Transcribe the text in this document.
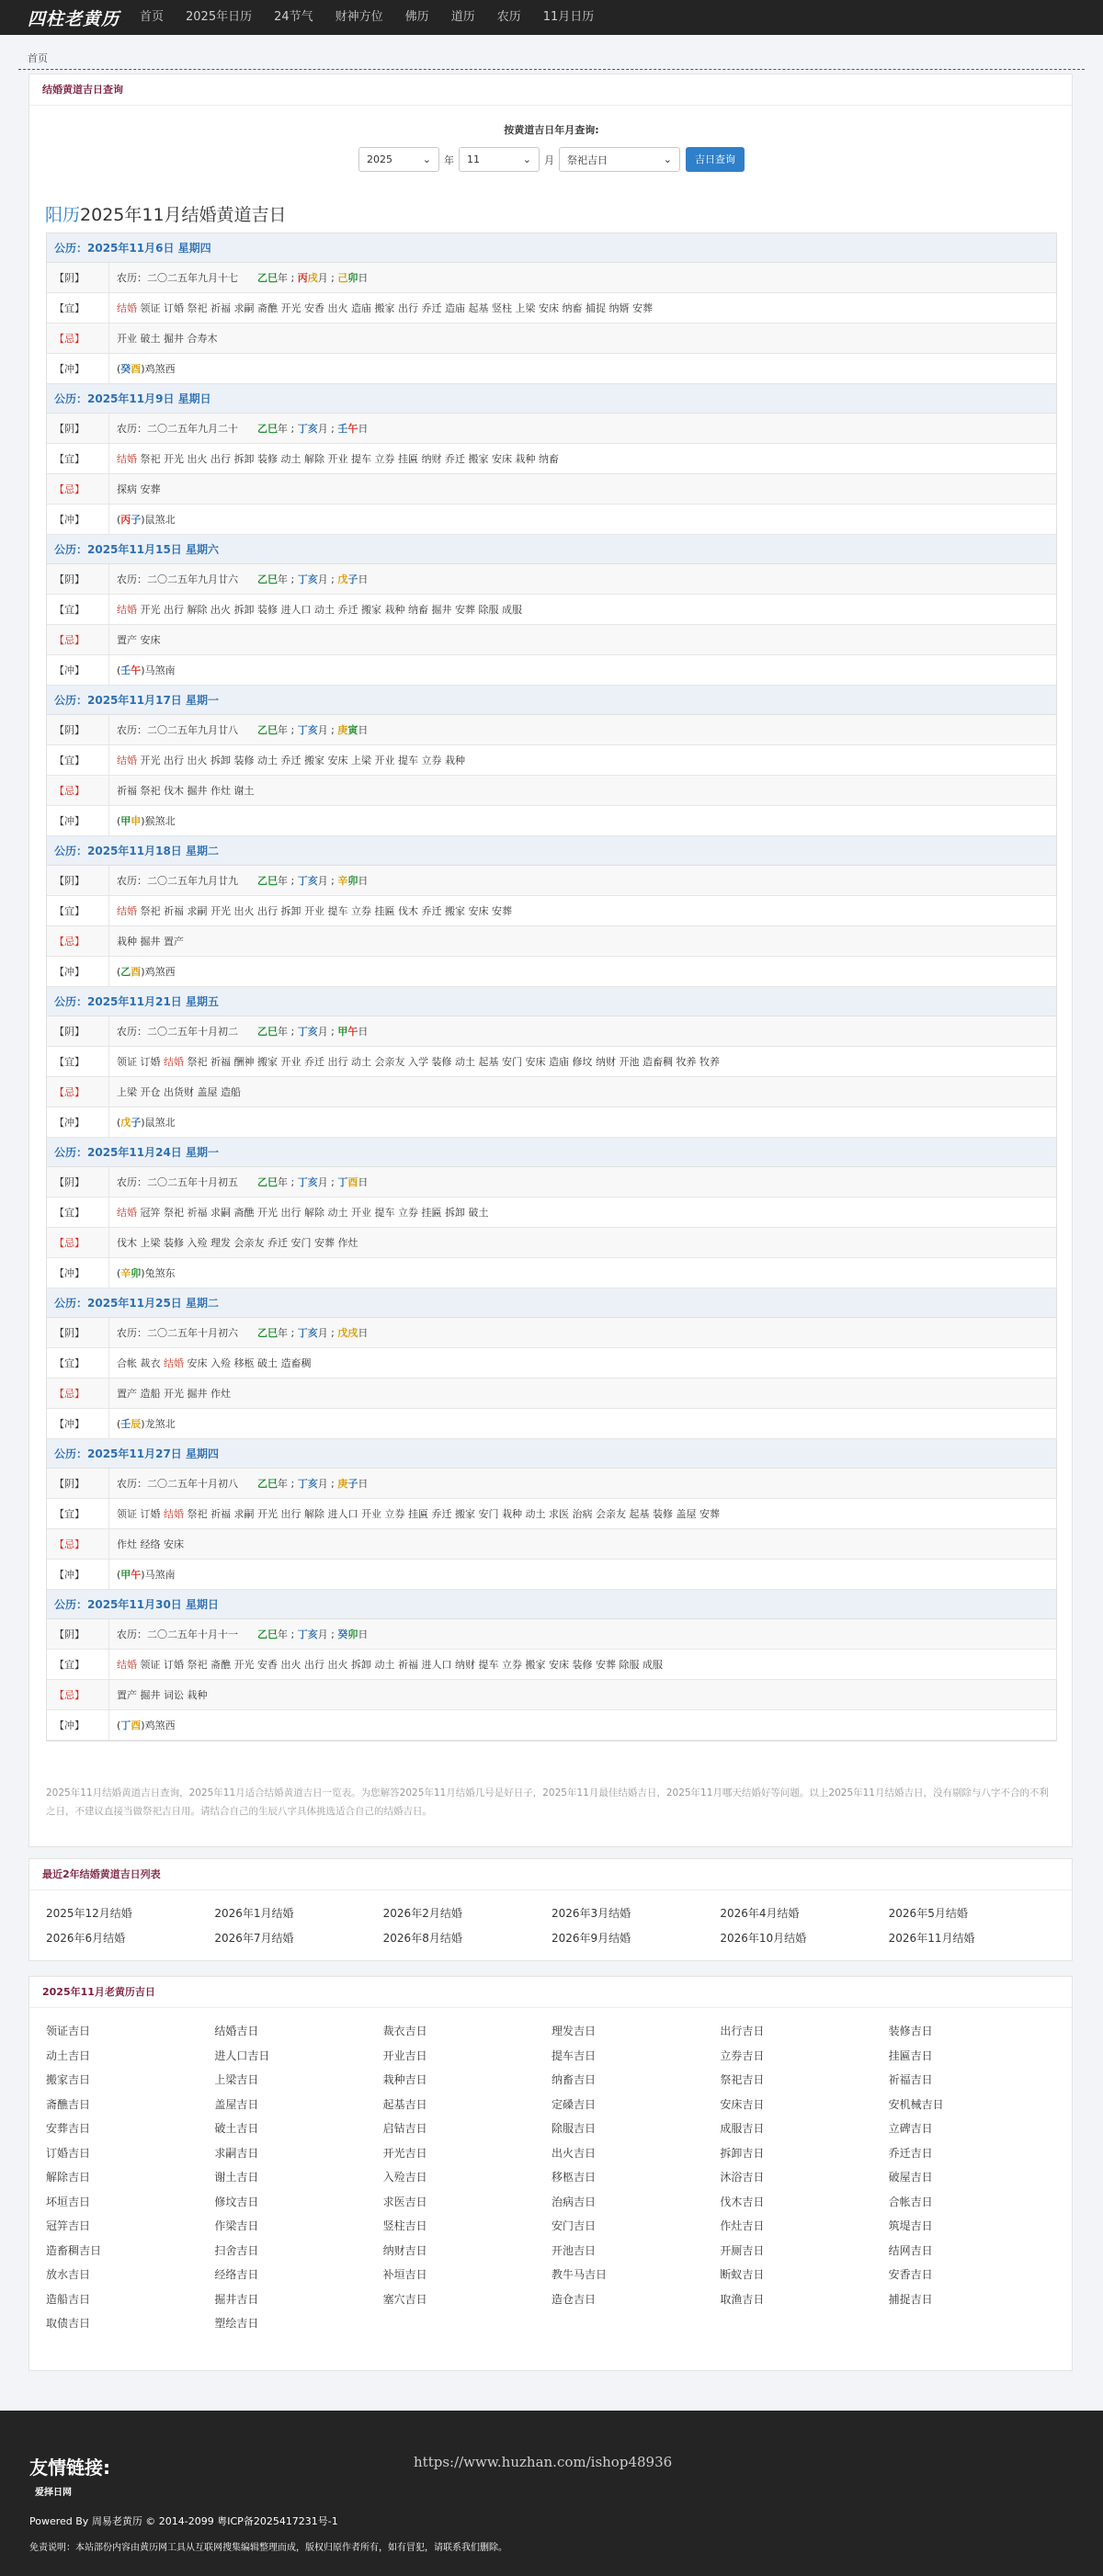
四柱老黄历	首页	2025年日历	24节气	财神方位	佛历	道历	农历	11月日历
首页
结婚黄道吉日查询
按黄道吉日年月查询:
2025	⌄ 年 11	⌄ 月 祭祀吉日	⌄	吉日查询
阳历2025年11月结婚黄道吉日
公历：2025年11月6日 星期四
【阴】	农历：二〇二五年九月十七 乙巳年 ; 丙戌月 ; 己卯日
【宜】	结婚 领证 订婚 祭祀 祈福 求嗣 斋醮 开光 安香 出火 造庙 搬家 出行 乔迁 造庙 起基 竖柱 上梁 安床 纳畜 捕捉 纳婿 安葬
【忌】	开业 破土 掘井 合寿木
【冲】	(癸酉)鸡煞西
公历：2025年11月9日 星期日
【阴】	农历：二〇二五年九月二十 乙巳年 ; 丁亥月 ; 壬午日
【宜】	结婚 祭祀 开光 出火 出行 拆卸 装修 动土 解除 开业 提车 立券 挂匾 纳财 乔迁 搬家 安床 栽种 纳畜
【忌】	探病 安葬
【冲】	(丙子)鼠煞北
公历：2025年11月15日 星期六
【阴】	农历：二〇二五年九月廿六 乙巳年 ; 丁亥月 ; 戊子日
【宜】	结婚 开光 出行 解除 出火 拆卸 装修 进人口 动土 乔迁 搬家 栽种 纳畜 掘井 安葬 除服 成服
【忌】	置产 安床
【冲】	(壬午)马煞南
公历：2025年11月17日 星期一
【阴】	农历：二〇二五年九月廿八 乙巳年 ; 丁亥月 ; 庚寅日
【宜】	结婚 开光 出行 出火 拆卸 装修 动土 乔迁 搬家 安床 上梁 开业 提车 立券 栽种
【忌】	祈福 祭祀 伐木 掘井 作灶 谢土
【冲】	(甲申)猴煞北
公历：2025年11月18日 星期二
【阴】	农历：二〇二五年九月廿九 乙巳年 ; 丁亥月 ; 辛卯日
【宜】	结婚 祭祀 祈福 求嗣 开光 出火 出行 拆卸 开业 提车 立券 挂匾 伐木 乔迁 搬家 安床 安葬
【忌】	栽种 掘井 置产
【冲】	(乙酉)鸡煞西
公历：2025年11月21日 星期五
【阴】	农历：二〇二五年十月初二 乙巳年 ; 丁亥月 ; 甲午日
【宜】	领证 订婚 结婚 祭祀 祈福 酬神 搬家 开业 乔迁 出行 动土 会亲友 入学 装修 动土 起基 安门 安床 造庙 修坟 纳财 开池 造畜稠 牧养 牧养
【忌】	上梁 开仓 出货财 盖屋 造船
【冲】	(戊子)鼠煞北
公历：2025年11月24日 星期一
【阴】	农历：二〇二五年十月初五 乙巳年 ; 丁亥月 ; 丁酉日
【宜】	结婚 冠笄 祭祀 祈福 求嗣 斋醮 开光 出行 解除 动土 开业 提车 立券 挂匾 拆卸 破土
【忌】	伐木 上梁 装修 入殓 理发 会亲友 乔迁 安门 安葬 作灶
【冲】	(辛卯)兔煞东
公历：2025年11月25日 星期二
【阴】	农历：二〇二五年十月初六 乙巳年 ; 丁亥月 ; 戊戌日
【宜】	合帐 裁衣 结婚 安床 入殓 移柩 破土 造畜稠
【忌】	置产 造船 开光 掘井 作灶
【冲】	(壬辰)龙煞北
公历：2025年11月27日 星期四
【阴】	农历：二〇二五年十月初八 乙巳年 ; 丁亥月 ; 庚子日
【宜】	领证 订婚 结婚 祭祀 祈福 求嗣 开光 出行 解除 进人口 开业 立券 挂匾 乔迁 搬家 安门 栽种 动土 求医 治病 会亲友 起基 装修 盖屋 安葬
【忌】	作灶 经络 安床
【冲】	(甲午)马煞南
公历：2025年11月30日 星期日
【阴】	农历：二〇二五年十月十一 乙巳年 ; 丁亥月 ; 癸卯日
【宜】	结婚 领证 订婚 祭祀 斋醮 开光 安香 出火 出行 出火 拆卸 动土 祈福 进人口 纳财 提车 立券 搬家 安床 装修 安葬 除服 成服
【忌】	置产 掘井 词讼 栽种
【冲】	(丁酉)鸡煞西
2025年11月结婚黄道吉日查询，2025年11月适合结婚黄道吉日一览表。为您解答2025年11月结婚几号是好日子，2025年11月最佳结婚吉日，2025年11月哪天结婚好等问题。以上2025年11月结婚吉日，没有剔除与八字不合的不利之日，不建议直接当做祭祀吉日用。请结合自己的生辰八字具体挑选适合自己的结婚吉日。
最近2年结婚黄道吉日列表
2025年12月结婚	2026年1月结婚	2026年2月结婚	2026年3月结婚	2026年4月结婚	2026年5月结婚
2026年6月结婚	2026年7月结婚	2026年8月结婚	2026年9月结婚	2026年10月结婚	2026年11月结婚
2025年11月老黄历吉日
领证吉日	结婚吉日	裁衣吉日	理发吉日	出行吉日	装修吉日
动土吉日	进人口吉日	开业吉日	提车吉日	立券吉日	挂匾吉日
搬家吉日	上梁吉日	栽种吉日	纳畜吉日	祭祀吉日	祈福吉日
斋醮吉日	盖屋吉日	起基吉日	定磉吉日	安床吉日	安机械吉日
安葬吉日	破土吉日	启钻吉日	除服吉日	成服吉日	立碑吉日
订婚吉日	求嗣吉日	开光吉日	出火吉日	拆卸吉日	乔迁吉日
解除吉日	谢土吉日	入殓吉日	移柩吉日	沐浴吉日	破屋吉日
坏垣吉日	修坟吉日	求医吉日	治病吉日	伐木吉日	合帐吉日
冠笄吉日	作梁吉日	竖柱吉日	安门吉日	作灶吉日	筑堤吉日
造畜稠吉日	扫舍吉日	纳财吉日	开池吉日	开厕吉日	结网吉日
放水吉日	经络吉日	补垣吉日	教牛马吉日	断蚁吉日	安香吉日
造船吉日	掘井吉日	塞穴吉日	造仓吉日	取渔吉日	捕捉吉日
取债吉日	塑绘吉日
友情链接:	https://www.huzhan.com/ishop48936
爱择日网
Powered By 周易老黄历 © 2014-2099 粤ICP备2025417231号-1
免责说明：本站部份内容由黄历网工具从互联网搜集编辑整理而成，版权归原作者所有，如有冒犯，请联系我们删除。
